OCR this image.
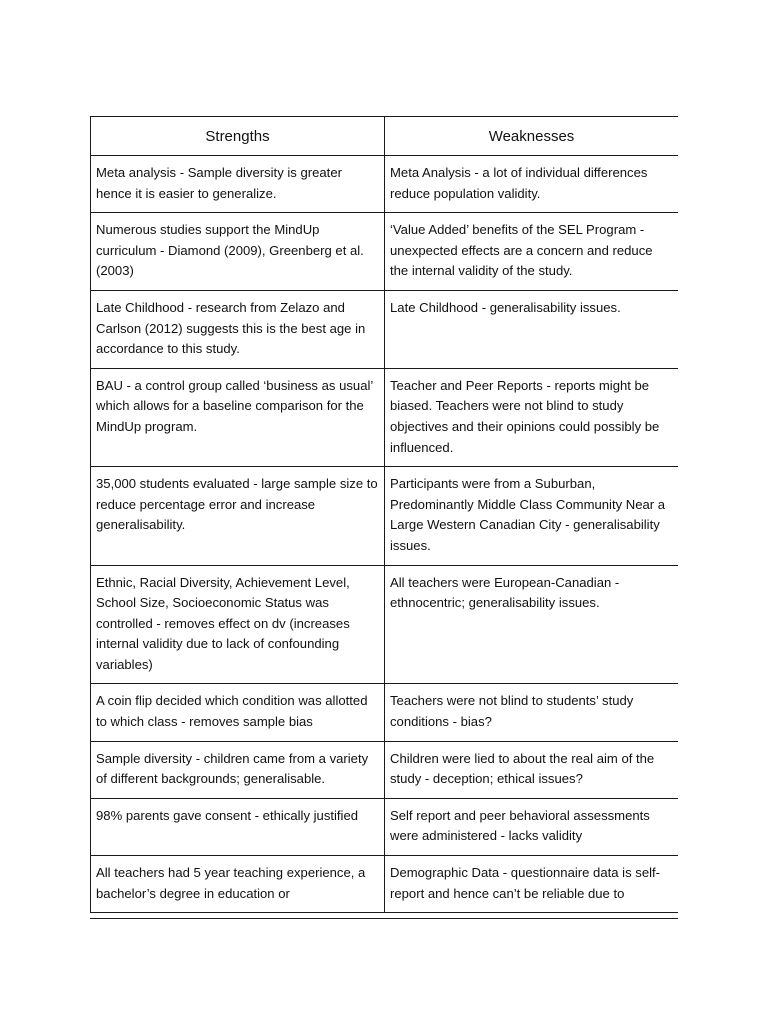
Strengths	Weaknesses
Meta analysis - Sample diversity is greater hence it is easier to generalize.	Meta Analysis - a lot of individual differences reduce population validity.
Numerous studies support the MindUp curriculum - Diamond (2009), Greenberg et al. (2003)	‘Value Added’ benefits of the SEL Program - unexpected effects are a concern and reduce the internal validity of the study.
Late Childhood - research from Zelazo and Carlson (2012) suggests this is the best age in accordance to this study.	Late Childhood - generalisability issues.
BAU - a control group called ‘business as usual’ which allows for a baseline comparison for the MindUp program.	Teacher and Peer Reports - reports might be biased. Teachers were not blind to study objectives and their opinions could possibly be influenced.
35,000 students evaluated - large sample size to reduce percentage error and increase generalisability.	Participants were from a Suburban, Predominantly Middle Class Community Near a Large Western Canadian City - generalisability issues.
Ethnic, Racial Diversity, Achievement Level, School Size, Socioeconomic Status was controlled - removes effect on dv (increases internal validity due to lack of confounding variables)	All teachers were European-Canadian - ethnocentric; generalisability issues.
A coin flip decided which condition was allotted to which class - removes sample bias	Teachers were not blind to students’ study conditions - bias?
Sample diversity - children came from a variety of different backgrounds; generalisable.	Children were lied to about the real aim of the study - deception; ethical issues?
98% parents gave consent - ethically justified	Self report and peer behavioral assessments were administered - lacks validity
All teachers had 5 year teaching experience, a bachelor’s degree in education or	Demographic Data - questionnaire data is self-report and hence can’t be reliable due to
